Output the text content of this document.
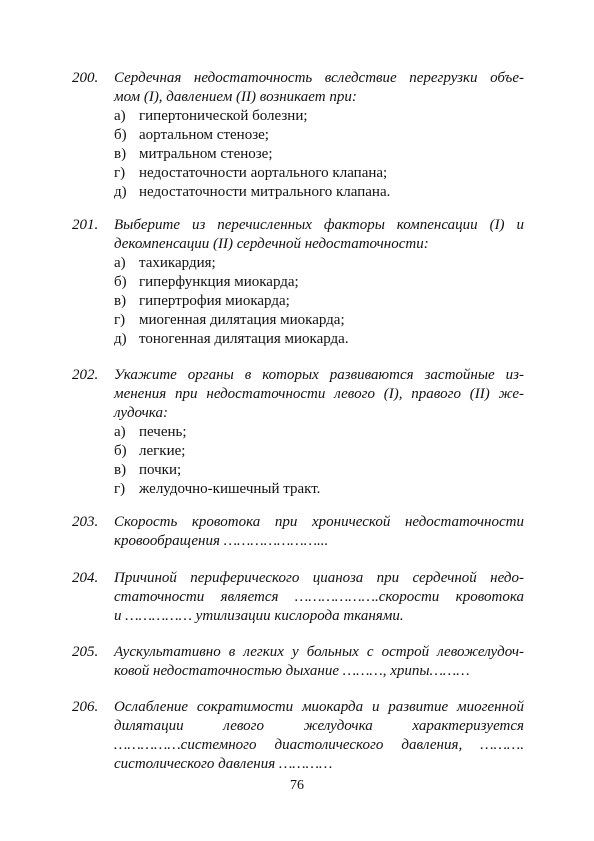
200.	Сердечная недостаточность вследствие перегрузки объе-
мом (I), давлением (II) возникает при:
а) гипертонической болезни;
б) аортальном стенозе;
в) митральном стенозе;
г) недостаточности аортального клапана;
д) недостаточности митрального клапана.
201.	Выберите из перечисленных факторы компенсации (I) и
декомпенсации (II) сердечной недостаточности:
а) тахикардия;
б) гиперфункция миокарда;
в) гипертрофия миокарда;
г) миогенная дилятация миокарда;
д) тоногенная дилятация миокарда.
202.	Укажите органы в которых развиваются застойные из-
менения при недостаточности левого (I), правого (II) же-
лудочка:
а) печень;
б) легкие;
в) почки;
г) желудочно-кишечный тракт.
203.	Скорость кровотока при хронической недостаточности
кровообращения …………………...
204.	Причиной периферического цианоза при сердечной недо-
статочности является ……………….скорости кровотока
и …………… утилизации кислорода тканями.
205.	Аускультативно в легких у больных с острой левожелудоч-
ковой недостаточностью дыхание ………, хрипы………
206.	Ослабление сократимости миокарда и развитие миогенной
дилятации левого желудочка характеризуется
……………системного диастолического давления, ……….
систолического давления …………
76
